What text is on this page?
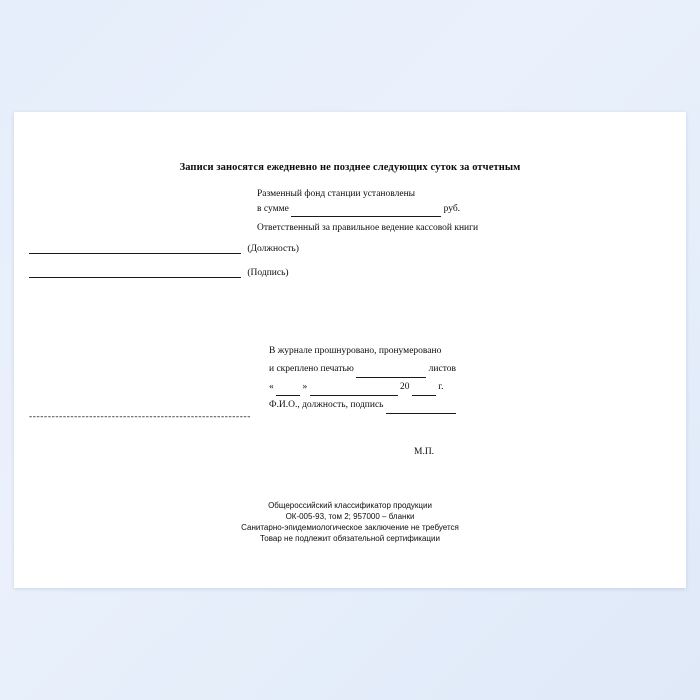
Записи заносятся ежедневно не позднее следующих суток за отчетным
Разменный фонд станции установлены
в сумме	руб.
Ответственный за правильное ведение кассовой книги
(Должность)
(Подпись)
В журнале прошнуровано, пронумеровано
и скреплено печатью	листов
«	»	20	г.
Ф.И.О., должность, подпись
-----------------------------------------------------------
М.П.
Общероссийский классификатор продукции
ОК-005-93, том 2; 957000 – бланки
Санитарно-эпидемиологическое заключение не требуется
Товар не подлежит обязательной сертификации
